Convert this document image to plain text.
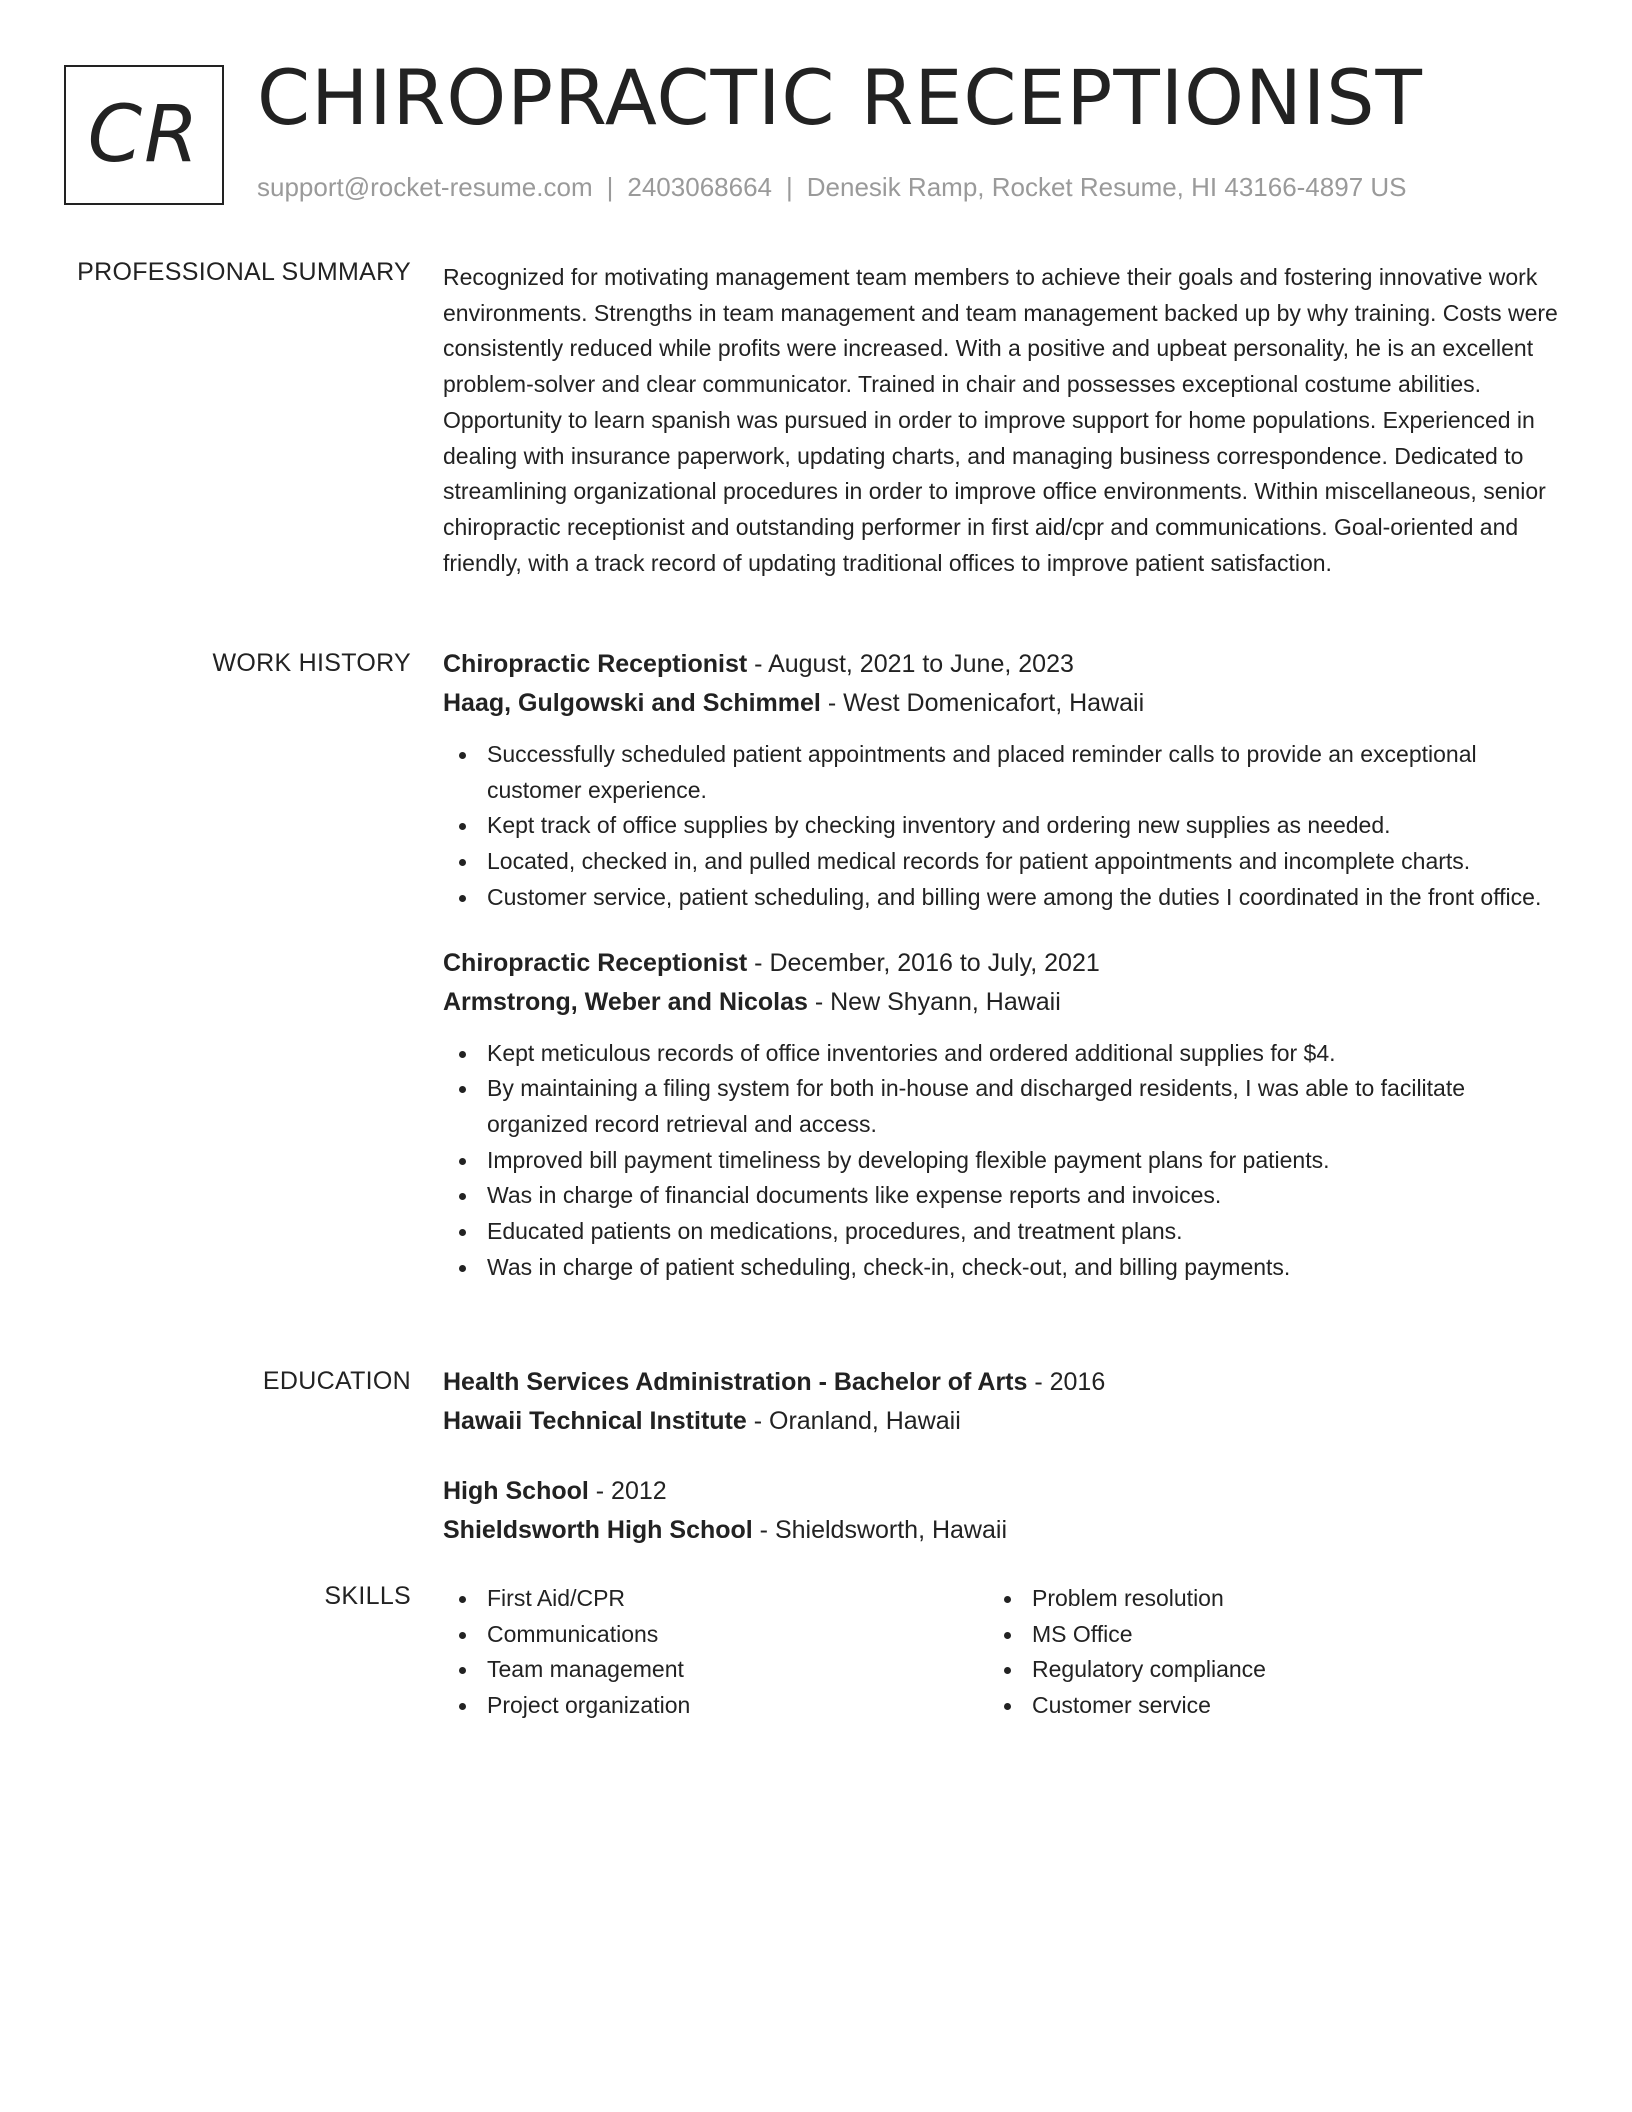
CR CHIROPRACTIC RECEPTIONIST
support@rocket-resume.com | 2403068664 | Denesik Ramp, Rocket Resume, HI 43166-4897 US
PROFESSIONAL SUMMARY Recognized for motivating management team members to achieve their goals and fostering innovative work environments. Strengths in team management and team management backed up by why training. Costs were consistently reduced while profits were increased. With a positive and upbeat personality, he is an excellent problem-solver and clear communicator. Trained in chair and possesses exceptional costume abilities. Opportunity to learn spanish was pursued in order to improve support for home populations. Experienced in dealing with insurance paperwork, updating charts, and managing business correspondence. Dedicated to streamlining organizational procedures in order to improve office environments. Within miscellaneous, senior chiropractic receptionist and outstanding performer in first aid/cpr and communications. Goal-oriented and friendly, with a track record of updating traditional offices to improve patient satisfaction.

WORK HISTORY Chiropractic Receptionist - August, 2021 to June, 2023
Haag, Gulgowski and Schimmel - West Domenicafort, Hawaii
Successfully scheduled patient appointments and placed reminder calls to provide an exceptional customer experience.
Kept track of office supplies by checking inventory and ordering new supplies as needed.
Located, checked in, and pulled medical records for patient appointments and incomplete charts.
Customer service, patient scheduling, and billing were among the duties I coordinated in the front office.
Chiropractic Receptionist - December, 2016 to July, 2021
Armstrong, Weber and Nicolas - New Shyann, Hawaii
Kept meticulous records of office inventories and ordered additional supplies for $4.
By maintaining a filing system for both in-house and discharged residents, I was able to facilitate organized record retrieval and access.
Improved bill payment timeliness by developing flexible payment plans for patients.
Was in charge of financial documents like expense reports and invoices.
Educated patients on medications, procedures, and treatment plans.
Was in charge of patient scheduling, check-in, check-out, and billing payments.
EDUCATION Health Services Administration - Bachelor of Arts - 2016
Hawaii Technical Institute - Oranland, Hawaii
High School - 2012
Shieldsworth High School - Shieldsworth, Hawaii
SKILLS	First Aid/CPR
Communications
Team management
Project organization
Problem resolution
MS Office
Regulatory compliance
Customer service
